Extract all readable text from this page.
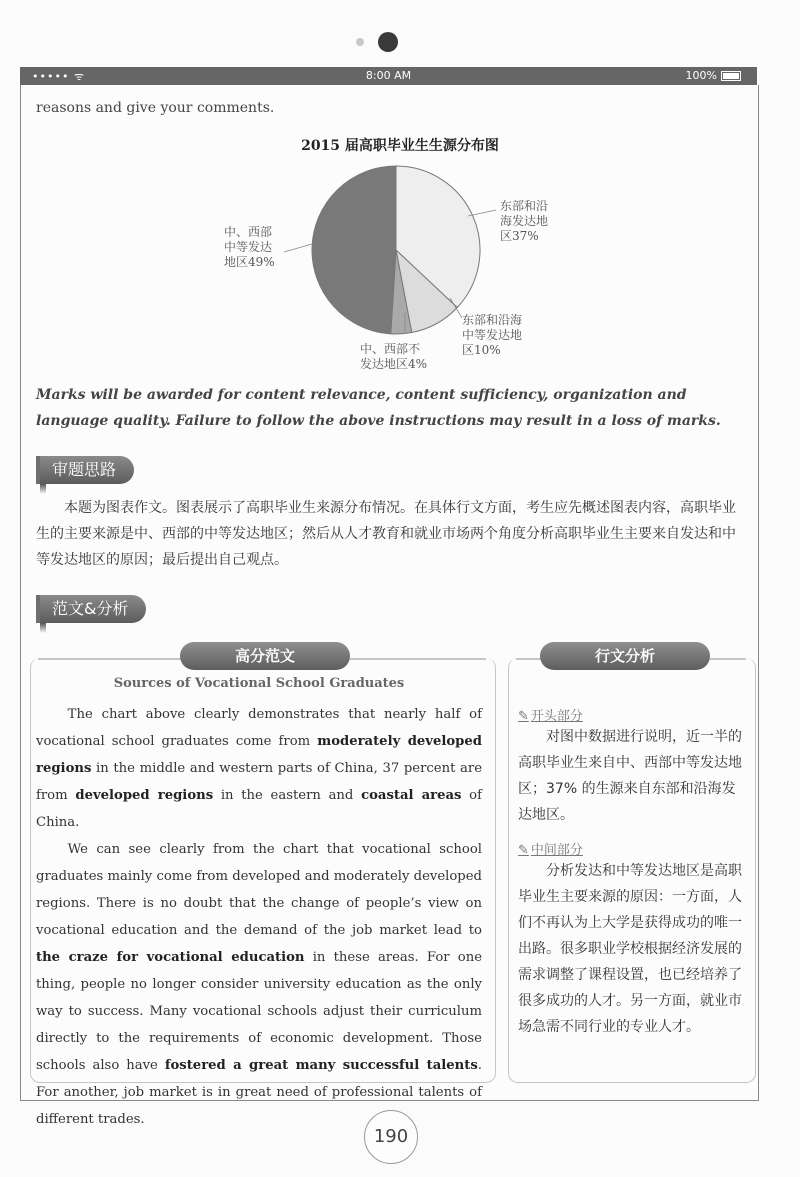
••••• ᯤ	8:00 AM	100%
reasons and give your comments.
2015 届高职毕业生生源分布图
东部和沿
海发达地
区37%
东部和沿海
中等发达地
区10%
中、西部不
发达地区4%
中、西部
中等发达
地区49%
Marks will be awarded for content relevance, content sufficiency, organization and language quality. Failure to follow the above instructions may result in a loss of marks.
审题思路
本题为图表作文。图表展示了高职毕业生来源分布情况。在具体行文方面，考生应先概述图表内容，高职毕业生的主要来源是中、西部的中等发达地区；然后从人才教育和就业市场两个角度分析高职毕业生主要来自发达和中等发达地区的原因；最后提出自己观点。
范文&分析
高分范文	行文分析
Sources of Vocational School Graduates

The chart above clearly demonstrates that nearly half of vocational school graduates come from moderately developed regions in the middle and western parts of China, 37 percent are from developed regions in the eastern and coastal areas of China.

We can see clearly from the chart that vocational school graduates mainly come from developed and moderately developed regions. There is no doubt that the change of people’s view on vocational education and the demand of the job market lead to the craze for vocational education in these areas. For one thing, people no longer consider university education as the only way to success. Many vocational schools adjust their curriculum directly to the requirements of economic development. Those schools also have fostered a great many successful talents. For another, job market is in great need of professional talents of different trades.

✎ 开头部分
对图中数据进行说明，近一半的高职毕业生来自中、西部中等发达地区；37% 的生源来自东部和沿海发达地区。
✎ 中间部分
分析发达和中等发达地区是高职毕业生主要来源的原因：一方面，人们不再认为上大学是获得成功的唯一出路。很多职业学校根据经济发展的需求调整了课程设置，也已经培养了很多成功的人才。另一方面，就业市场急需不同行业的专业人才。
190
